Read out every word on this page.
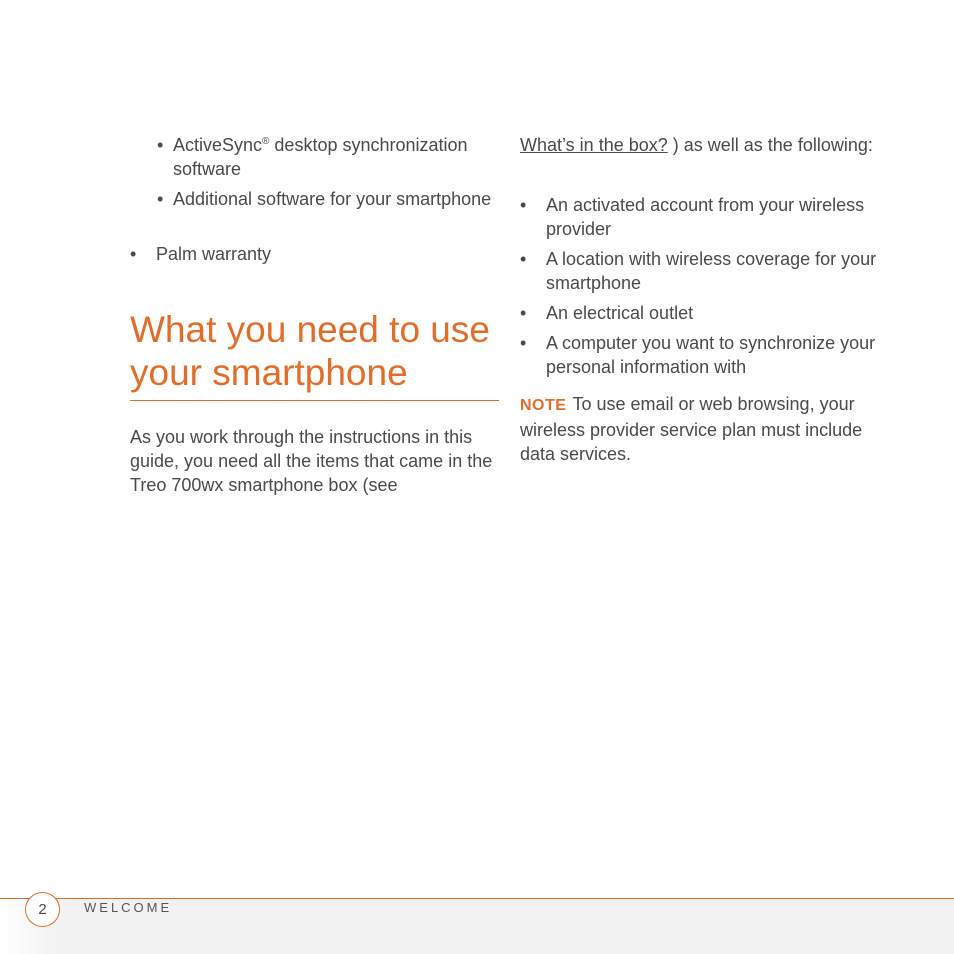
• ActiveSync® desktop synchronization software
• Additional software for your smartphone
• Palm warranty
What you need to use your smartphone

As you work through the instructions in this guide, you need all the items that came in the Treo 700wx smartphone box (see

What’s in the box? ) as well as the following:

• An activated account from your wireless provider
• A location with wireless coverage for your smartphone
• An electrical outlet
• A computer you want to synchronize your personal information with

NOTE To use email or web browsing, your wireless provider service plan must include data services.

2	WELCOME
